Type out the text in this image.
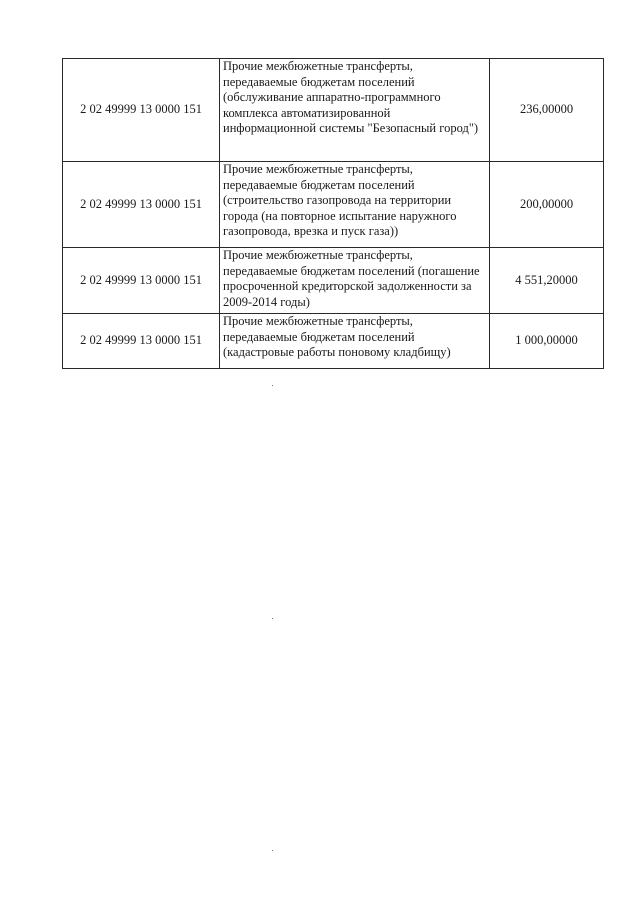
2 02 49999 13 0000 151	Прочие межбюжетные трансферты,
передаваемые бюджетам поселений
(обслуживание аппаратно-программного
комплекса автоматизированной
информационной системы "Безопасный город")	236,00000
2 02 49999 13 0000 151	Прочие межбюжетные трансферты,
передаваемые бюджетам поселений
(строительство газопровода на территории
города (на повторное испытание наружного
газопровода, врезка и пуск газа))	200,00000
2 02 49999 13 0000 151	Прочие межбюжетные трансферты,
передаваемые бюджетам поселений (погашение
просроченной кредиторской задолженности за
2009-2014 годы)	4 551,20000
2 02 49999 13 0000 151	Прочие межбюжетные трансферты,
передаваемые бюджетам поселений
(кадастровые работы поновому кладбищу)	1 000,00000
